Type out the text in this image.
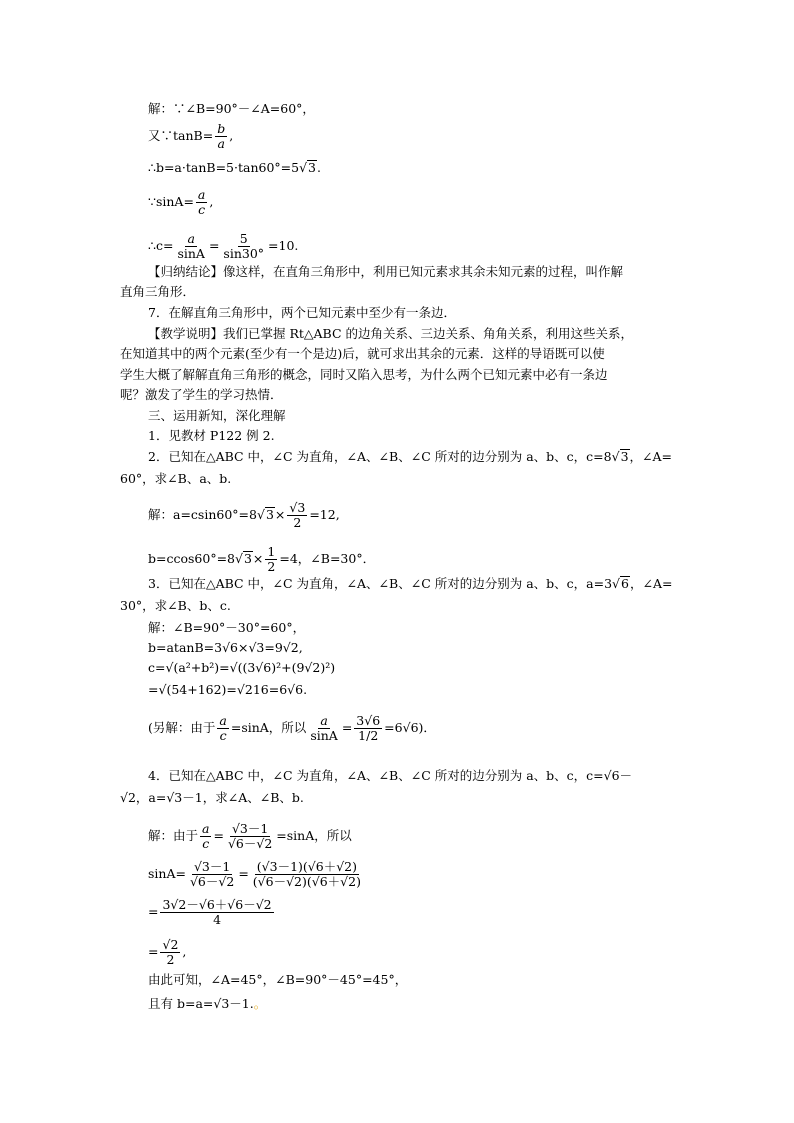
解：∵∠B=90°－∠A=60°，
又∵tanB= $\frac{b}{a}$ ,
∴b=a·tanB=5·tan60°=5√3.
∵sinA= $\frac{a}{c}$ ,
∴c= $\frac{a}{\sin A} = \frac{5}{\sin 30^\circ} =10$.
【归纳结论】像这样，在直角三角形中，利用已知元素求其余未知元素的过程，叫作解
直角三角形．
7．在解直角三角形中，两个已知元素中至少有一条边．
【教学说明】我们已掌握 Rt△ABC 的边角关系、三边关系、角角关系，利用这些关系，
在知道其中的两个元素(至少有一个是边)后，就可求出其余的元素．这样的导语既可以使
学生大概了解解直角三角形的概念，同时又陷入思考，为什么两个已知元素中必有一条边
呢？激发了学生的学习热情．
三、运用新知，深化理解
1．见教材 P122 例 2.
2．已知在△ABC 中，∠C 为直角，∠A、∠B、∠C 所对的边分别为 a、b、c，c=8√3，∠A=
60°，求∠B、a、b.
解：$a=csin60^\circ=8√3\times \frac{√3}{2} =12$,
$b=ccos60^\circ=8√3\times \frac{1}{2} =4$，∠B=30°．
3．已知在△ABC 中，∠C 为直角，∠A、∠B、∠C 所对的边分别为 a、b、c，a=3√6，∠A=
30°，求∠B、b、c.
解：∠B=90°－30°=60°，
b=atanB=3√6×√3=9√2,
c=√(a²+b²)=√((3√6)²+(9√2)²)
=√(54+162)=√216=6√6.
(另解：由于 $\frac{a}{c} =\sin A$，所以 $\frac{a}{\sin A} = \frac{3√6}{1/2} =6√6$)．
4．已知在△ABC 中，∠C 为直角，∠A、∠B、∠C 所对的边分别为 a、b、c，c=√6－
√2，a=√3－1，求∠A、∠B、b.
解：由于 $\frac{a}{c} = \frac{√3-1}{√6-√2} =\sin A$，所以
$\sin A= \frac{√3-1}{√6-√2} = \frac{(√3-1)(√6+√2)}{(√6-√2)(√6+√2)}$
= $\frac{3√2-√6+√6-√2}{4}$
= $\frac{√2}{2}$ ,
由此可知，∠A=45°，∠B=90°－45°=45°，
且有 b=a=√3－1.。
